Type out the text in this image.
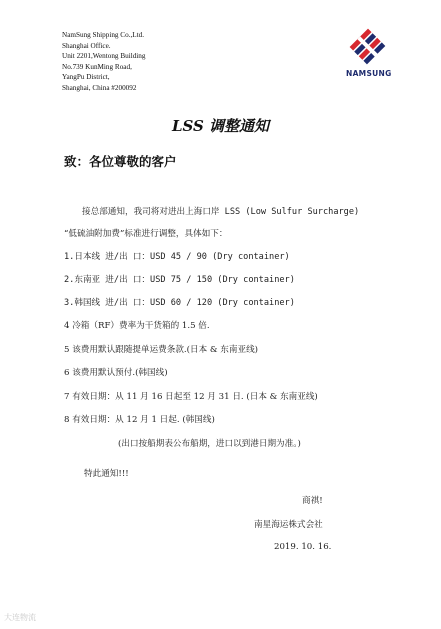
NamSung Shipping Co.,Ltd.
Shanghai Office.
Unit 2201,Wentong Building
No.739 KunMing Road,
YangPu District,
Shanghai, China #200092
NAMSUNG
LSS 调整通知
致：各位尊敬的客户
接总部通知，我司将对进出上海口岸 LSS (Low Sulfur Surcharge)
“低硫油附加费”标准进行调整，具体如下：
1.日本线 进/出 口：USD 45 / 90 (Dry container)
2.东南亚 进/出 口：USD 75 / 150 (Dry container)
3.韩国线 进/出 口：USD 60 / 120 (Dry container)
4 冷箱（RF）费率为干货箱的 1.5 倍.
5 该费用默认跟随提单运费条款.(日本 & 东南亚线)
6 该费用默认预付.(韩国线)
7 有效日期：从 11 月 16 日起至 12 月 31 日. (日本 & 东南亚线)
8 有效日期：从 12 月 1 日起. (韩国线)
(出口按船期表公布船期，进口以到港日期为准。)
特此通知!!!
商祺!
南星海运株式会社
2019. 10. 16.
大连物流
